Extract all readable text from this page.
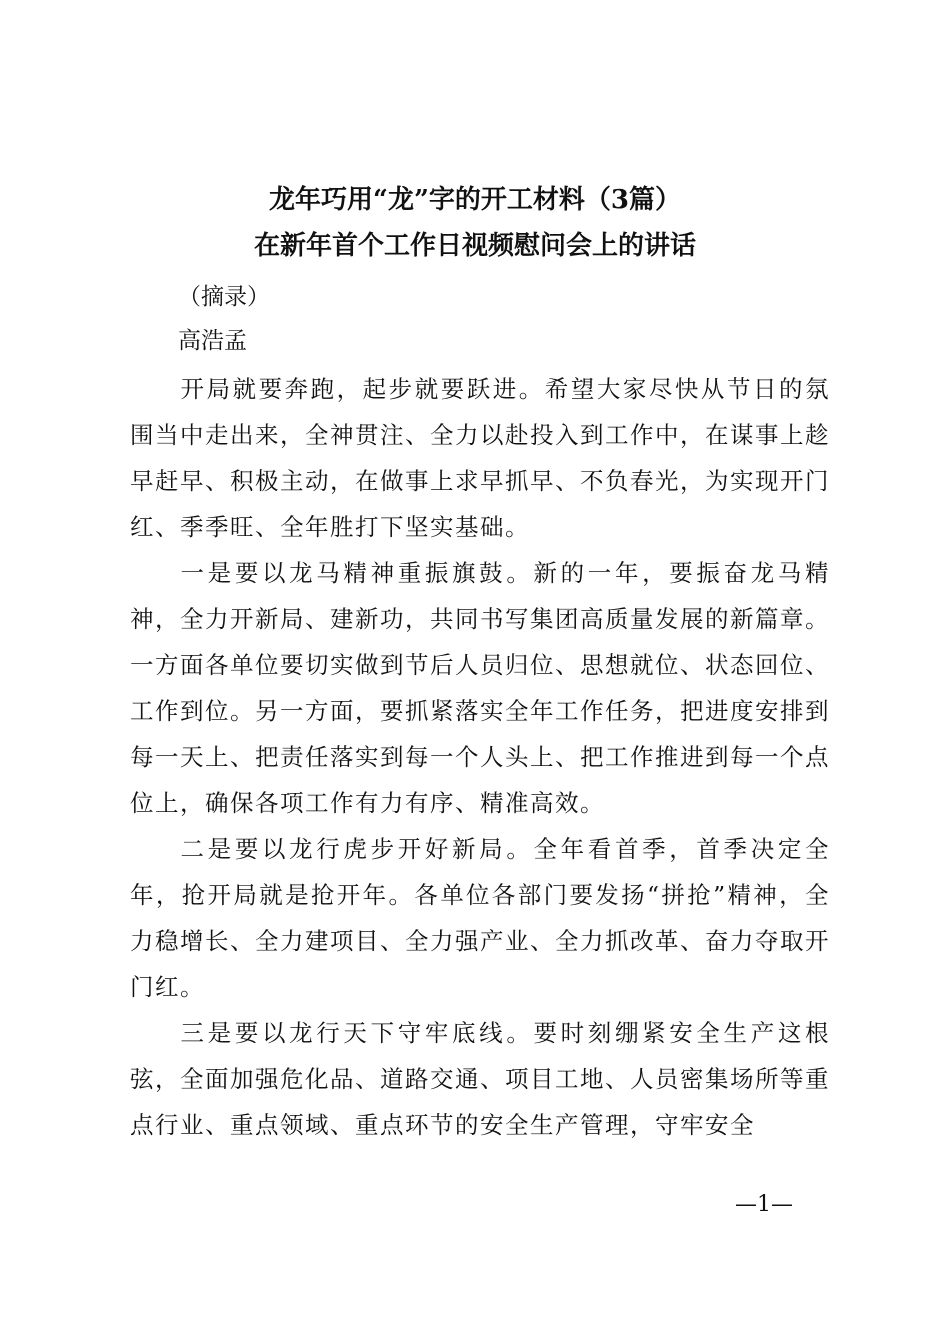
龙年巧用“龙”字的开工材料（3篇）
在新年首个工作日视频慰问会上的讲话
（摘录）
高浩孟

开局就要奔跑，起步就要跃进。希望大家尽快从节日的氛围当中走出来，全神贯注、全力以赴投入到工作中，在谋事上趁早赶早、积极主动，在做事上求早抓早、不负春光，为实现开门红、季季旺、全年胜打下坚实基础。

一是要以龙马精神重振旗鼓。新的一年，要振奋龙马精神，全力开新局、建新功，共同书写集团高质量发展的新篇章。一方面各单位要切实做到节后人员归位、思想就位、状态回位、工作到位。另一方面，要抓紧落实全年工作任务，把进度安排到每一天上、把责任落实到每一个人头上、把工作推进到每一个点位上，确保各项工作有力有序、精准高效。

二是要以龙行虎步开好新局。全年看首季，首季决定全年，抢开局就是抢开年。各单位各部门要发扬“拼抢”精神，全力稳增长、全力建项目、全力强产业、全力抓改革、奋力夺取开门红。

三是要以龙行天下守牢底线。要时刻绷紧安全生产这根弦，全面加强危化品、道路交通、项目工地、人员密集场所等重点行业、重点领域、重点环节的安全生产管理，守牢安全

—1—
